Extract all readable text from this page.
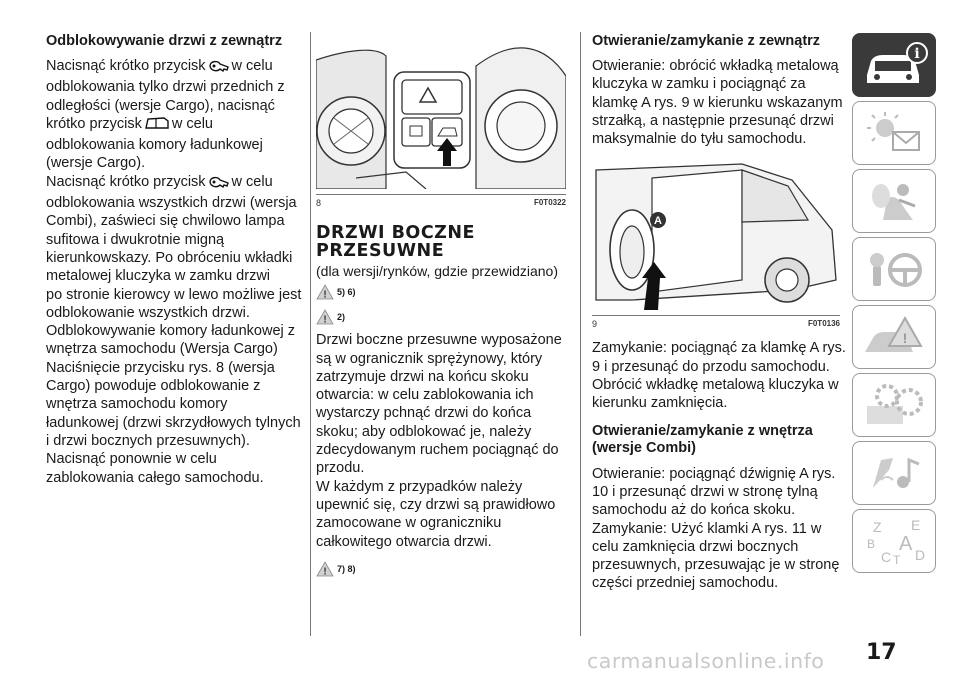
Odblokowywanie drzwi z zewnątrz

Nacisnąć krótko przycisk w celu

odblokowania tylko drzwi przednich z

odległości (wersje Cargo), nacisnąć

krótko przycisk w celu

odblokowania komory ładunkowej

(wersje Cargo).

Nacisnąć krótko przycisk w celu

odblokowania wszystkich drzwi (wersja

Combi), zaświeci się chwilowo lampa

sufitowa i dwukrotnie migną

kierunkowskazy. Po obróceniu wkładki

metalowej kluczyka w zamku drzwi

po stronie kierowcy w lewo możliwe jest

odblokowanie wszystkich drzwi.

Odblokowywanie komory ładunkowej z

wnętrza samochodu (Wersja Cargo)

Naciśnięcie przycisku rys. 8 (wersja

Cargo) powoduje odblokowanie z

wnętrza samochodu komory

ładunkowej (drzwi skrzydłowych tylnych

i drzwi bocznych przesuwnych).

Nacisnąć ponownie w celu

zablokowania całego samochodu.

8	F0T0322
DRZWI BOCZNE
PRZESUWNE

(dla wersji/rynków, gdzie przewidziano)

! 5) 6)
! 2)

Drzwi boczne przesuwne wyposażone

są w ogranicznik sprężynowy, który

zatrzymuje drzwi na końcu skoku

otwarcia: w celu zablokowania ich

wystarczy pchnąć drzwi do końca

skoku; aby odblokować je, należy

zdecydowanym ruchem pociągnąć do

przodu.

W każdym z przypadków należy

upewnić się, czy drzwi są prawidłowo

zamocowane w ograniczniku

całkowitego otwarcia drzwi.

! 7) 8)
Otwieranie/zamykanie z zewnątrz

Otwieranie: obrócić wkładką metalową

kluczyka w zamku i pociągnąć za

klamkę A rys. 9 w kierunku wskazanym

strzałką, a następnie przesunąć drzwi

maksymalnie do tyłu samochodu.

A
9	F0T0136

Zamykanie: pociągnąć za klamkę A rys.

9 i przesunąć do przodu samochodu.

Obrócić wkładkę metalową kluczyka w

kierunku zamknięcia.

Otwieranie/zamykanie z wnętrza
(wersje Combi)

Otwieranie: pociągnąć dźwignię A rys.

10 i przesunąć drzwi w stronę tylną

samochodu aż do końca skoku.

Zamykanie: Użyć klamki A rys. 11 w

celu zamknięcia drzwi bocznych

przesuwnych, przesuwając je w stronę

części przedniej samochodu.

i
!
Z E
B A
C T D
17
carmanualsonline.info
